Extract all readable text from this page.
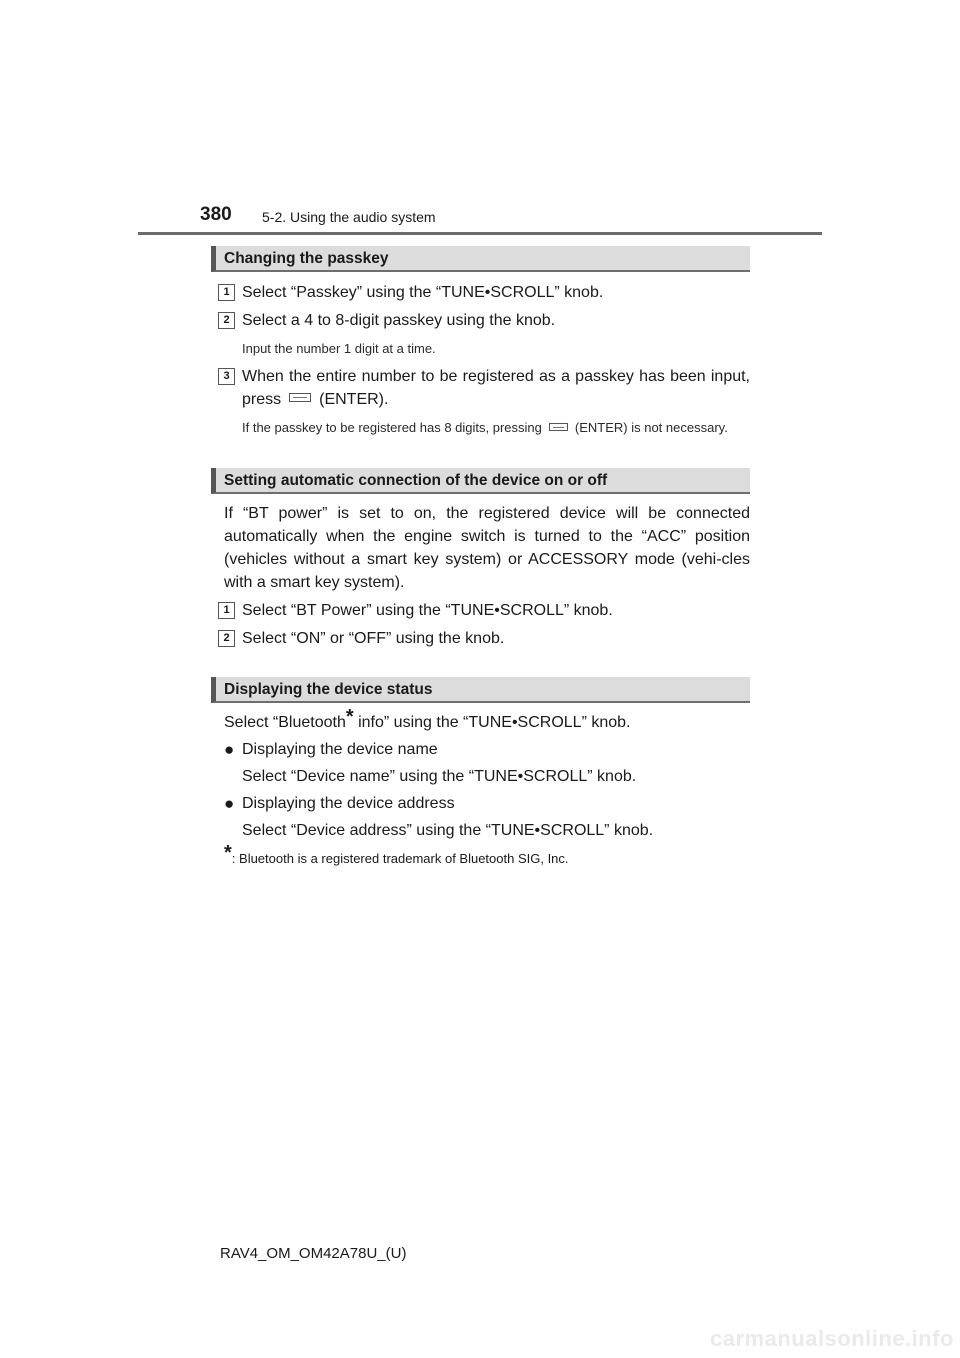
380 5-2. Using the audio system
Changing the passkey
1 Select “Passkey” using the “TUNE•SCROLL” knob.
2 Select a 4 to 8-digit passkey using the knob.
Input the number 1 digit at a time.
3 When the entire number to be registered as a passkey has been input, press (ENTER).
If the passkey to be registered has 8 digits, pressing	(ENTER) is not necessary.
Setting automatic connection of the device on or off
If “BT power” is set to on, the registered device will be connected automatically when the engine switch is turned to the “ACC” position (vehicles without a smart key system) or ACCESSORY mode (vehi-cles with a smart key system).
1 Select “BT Power” using the “TUNE•SCROLL” knob.
2 Select “ON” or “OFF” using the knob.
Displaying the device status
Select “Bluetooth* info” using the “TUNE•SCROLL” knob.
● Displaying the device name
Select “Device name” using the “TUNE•SCROLL” knob.
● Displaying the device address
Select “Device address” using the “TUNE•SCROLL” knob.
*: Bluetooth is a registered trademark of Bluetooth SIG, Inc.
RAV4_OM_OM42A78U_(U)
carmanualsonline.info
